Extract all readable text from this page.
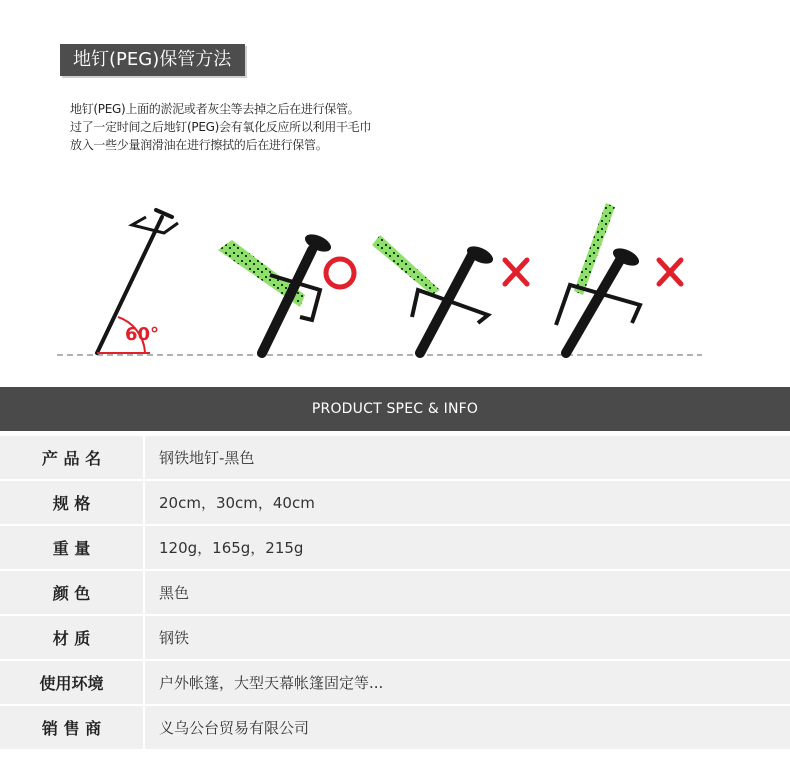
地钉(PEG)保管方法
地钉(PEG)上面的淤泥或者灰尘等去掉之后在进行保管。
过了一定时间之后地钉(PEG)会有氧化反应所以利用干毛巾
放入一些少量润滑油在进行擦拭的后在进行保管。
60°
PRODUCT SPEC & INFO
产 品 名	钢铁地钉-黑色
规 格	20cm，30cm，40cm
重 量	120g，165g，215g
颜 色	黑色
材 质	钢铁
使用环境	户外帐篷，大型天幕帐篷固定等...
销 售 商	义乌公台贸易有限公司
